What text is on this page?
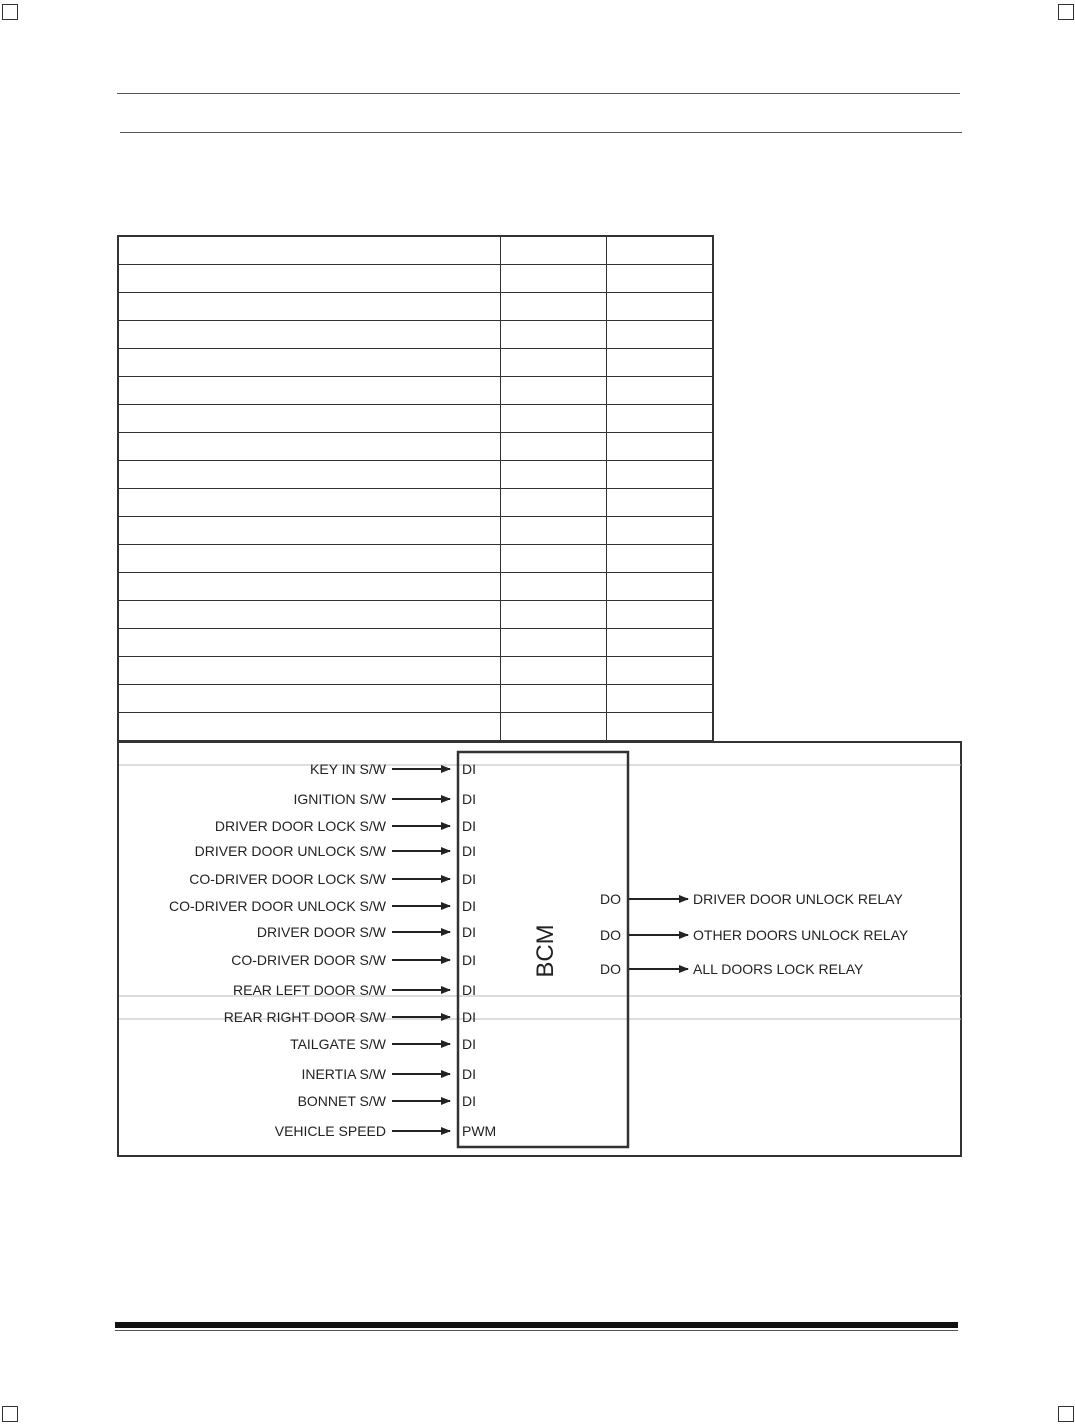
BCM
KEY IN S/W	DI
IGNITION S/W	DI
DRIVER DOOR LOCK S/W	DI
DRIVER DOOR UNLOCK S/W	DI
CO-DRIVER DOOR LOCK S/W	DI
CO-DRIVER DOOR UNLOCK S/W	DI
DRIVER DOOR S/W	DI
CO-DRIVER DOOR S/W	DI
REAR LEFT DOOR S/W	DI
REAR RIGHT DOOR S/W	DI
TAILGATE S/W	DI
INERTIA S/W	DI
BONNET S/W	DI
VEHICLE SPEED	PWM
DO	DRIVER DOOR UNLOCK RELAY
DO	OTHER DOORS UNLOCK RELAY
DO	ALL DOORS LOCK RELAY
